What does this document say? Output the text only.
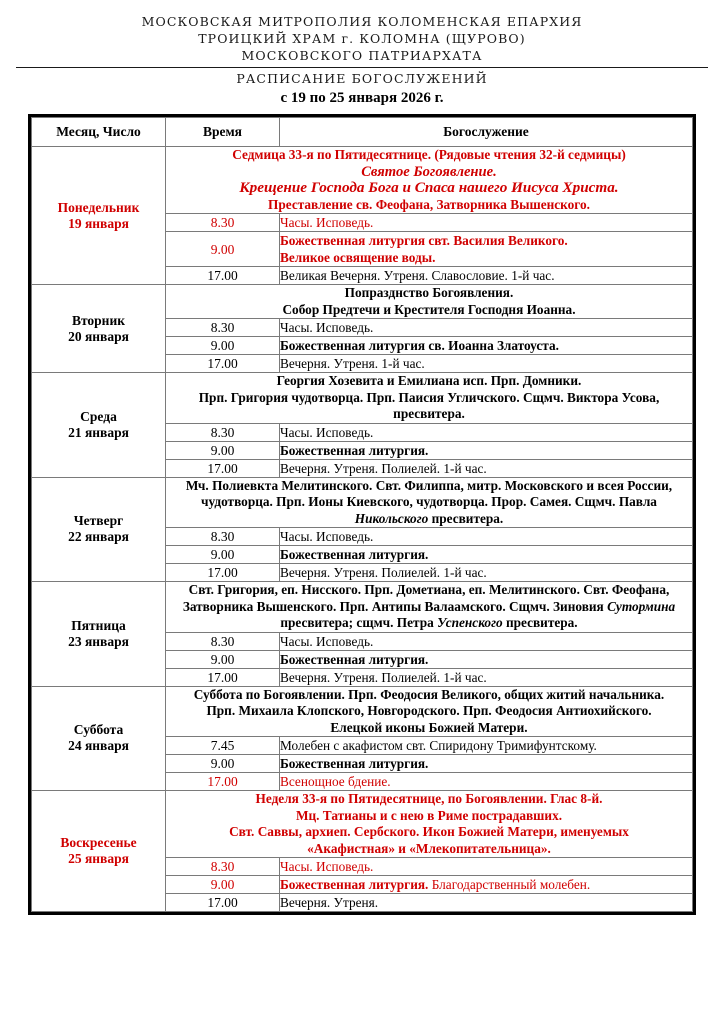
МОСКОВСКАЯ МИТРОПОЛИЯ КОЛОМЕНСКАЯ ЕПАРХИЯ
ТРОИЦКИЙ ХРАМ г. КОЛОМНА (ЩУРОВО)
МОСКОВСКОГО ПАТРИАРХАТА
РАСПИСАНИЕ БОГОСЛУЖЕНИЙ
с 19 по 25 января 2026 г.
Месяц, Число	Время	Богослужение

Понедельник
19 января	Седмица 33-я по Пятидесятнице. (Рядовые чтения 32-й седмицы)
Святое Богоявление.
Крещение Господа Бога и Спаса нашего Иисуса Христа.
Преставление св. Феофана, Затворника Вышенского.	

	8.30	Часы. Исповедь.
	9.00	Божественная литургия свт. Василия Великого.
Великое освящение воды.

	17.00	Великая Вечерня. Утреня. Славословие. 1-й час.

Вторник
20 января	Попразднство Богоявления.
Собор Предтечи и Крестителя Господня Иоанна.	

	8.30	Часы. Исповедь.
	9.00	Божественная литургия св. Иоанна Златоуста.
	17.00	Вечерня. Утреня. 1-й час.

Среда
21 января	Георгия Хозевита и Емилиана исп. Прп. Домники.
Прп. Григория чудотворца. Прп. Паисия Угличского. Сщмч. Виктора Усова, пресвитера.	

	8.30	Часы. Исповедь.
	9.00	Божественная литургия.
	17.00	Вечерня. Утреня. Полиелей. 1-й час.

Четверг
22 января	Мч. Полиевкта Мелитинского. Свт. Филиппа, митр. Московского и всея России, чудотворца. Прп. Ионы Киевского, чудотворца. Прор. Самея. Сщмч. Павла Никольского пресвитера.	

	8.30	Часы. Исповедь.
	9.00	Божественная литургия.
	17.00	Вечерня. Утреня. Полиелей. 1-й час.

Пятница
23 января	Свт. Григория, еп. Нисского. Прп. Дометиана, еп. Мелитинского. Свт. Феофана, Затворника Вышенского. Прп. Антипы Валаамского. Сщмч. Зиновия Сутормина пресвитера; сщмч. Петра Успенского пресвитера.	

	8.30	Часы. Исповедь.
	9.00	Божественная литургия.
	17.00	Вечерня. Утреня. Полиелей. 1-й час.

Суббота
24 января	Суббота по Богоявлении. Прп. Феодосия Великого, общих житий начальника.
Прп. Михаила Клопского, Новгородского. Прп. Феодосия Антиохийского.
Елецкой иконы Божией Матери.	

	7.45	Молебен с акафистом свт. Спиридону Тримифунтскому.
	9.00	Божественная литургия.
	17.00	Всенощное бдение.

Воскресенье
25 января	Неделя 33-я по Пятидесятнице, по Богоявлении. Глас 8-й.
Мц. Татианы и с нею в Риме пострадавших.
Свт. Саввы, архиеп. Сербского. Икон Божией Матери, именуемых
«Акафистная» и «Млекопитательница».	

	8.30	Часы. Исповедь.
	9.00	Божественная литургия. Благодарственный молебен.
	17.00	Вечерня. Утреня.
